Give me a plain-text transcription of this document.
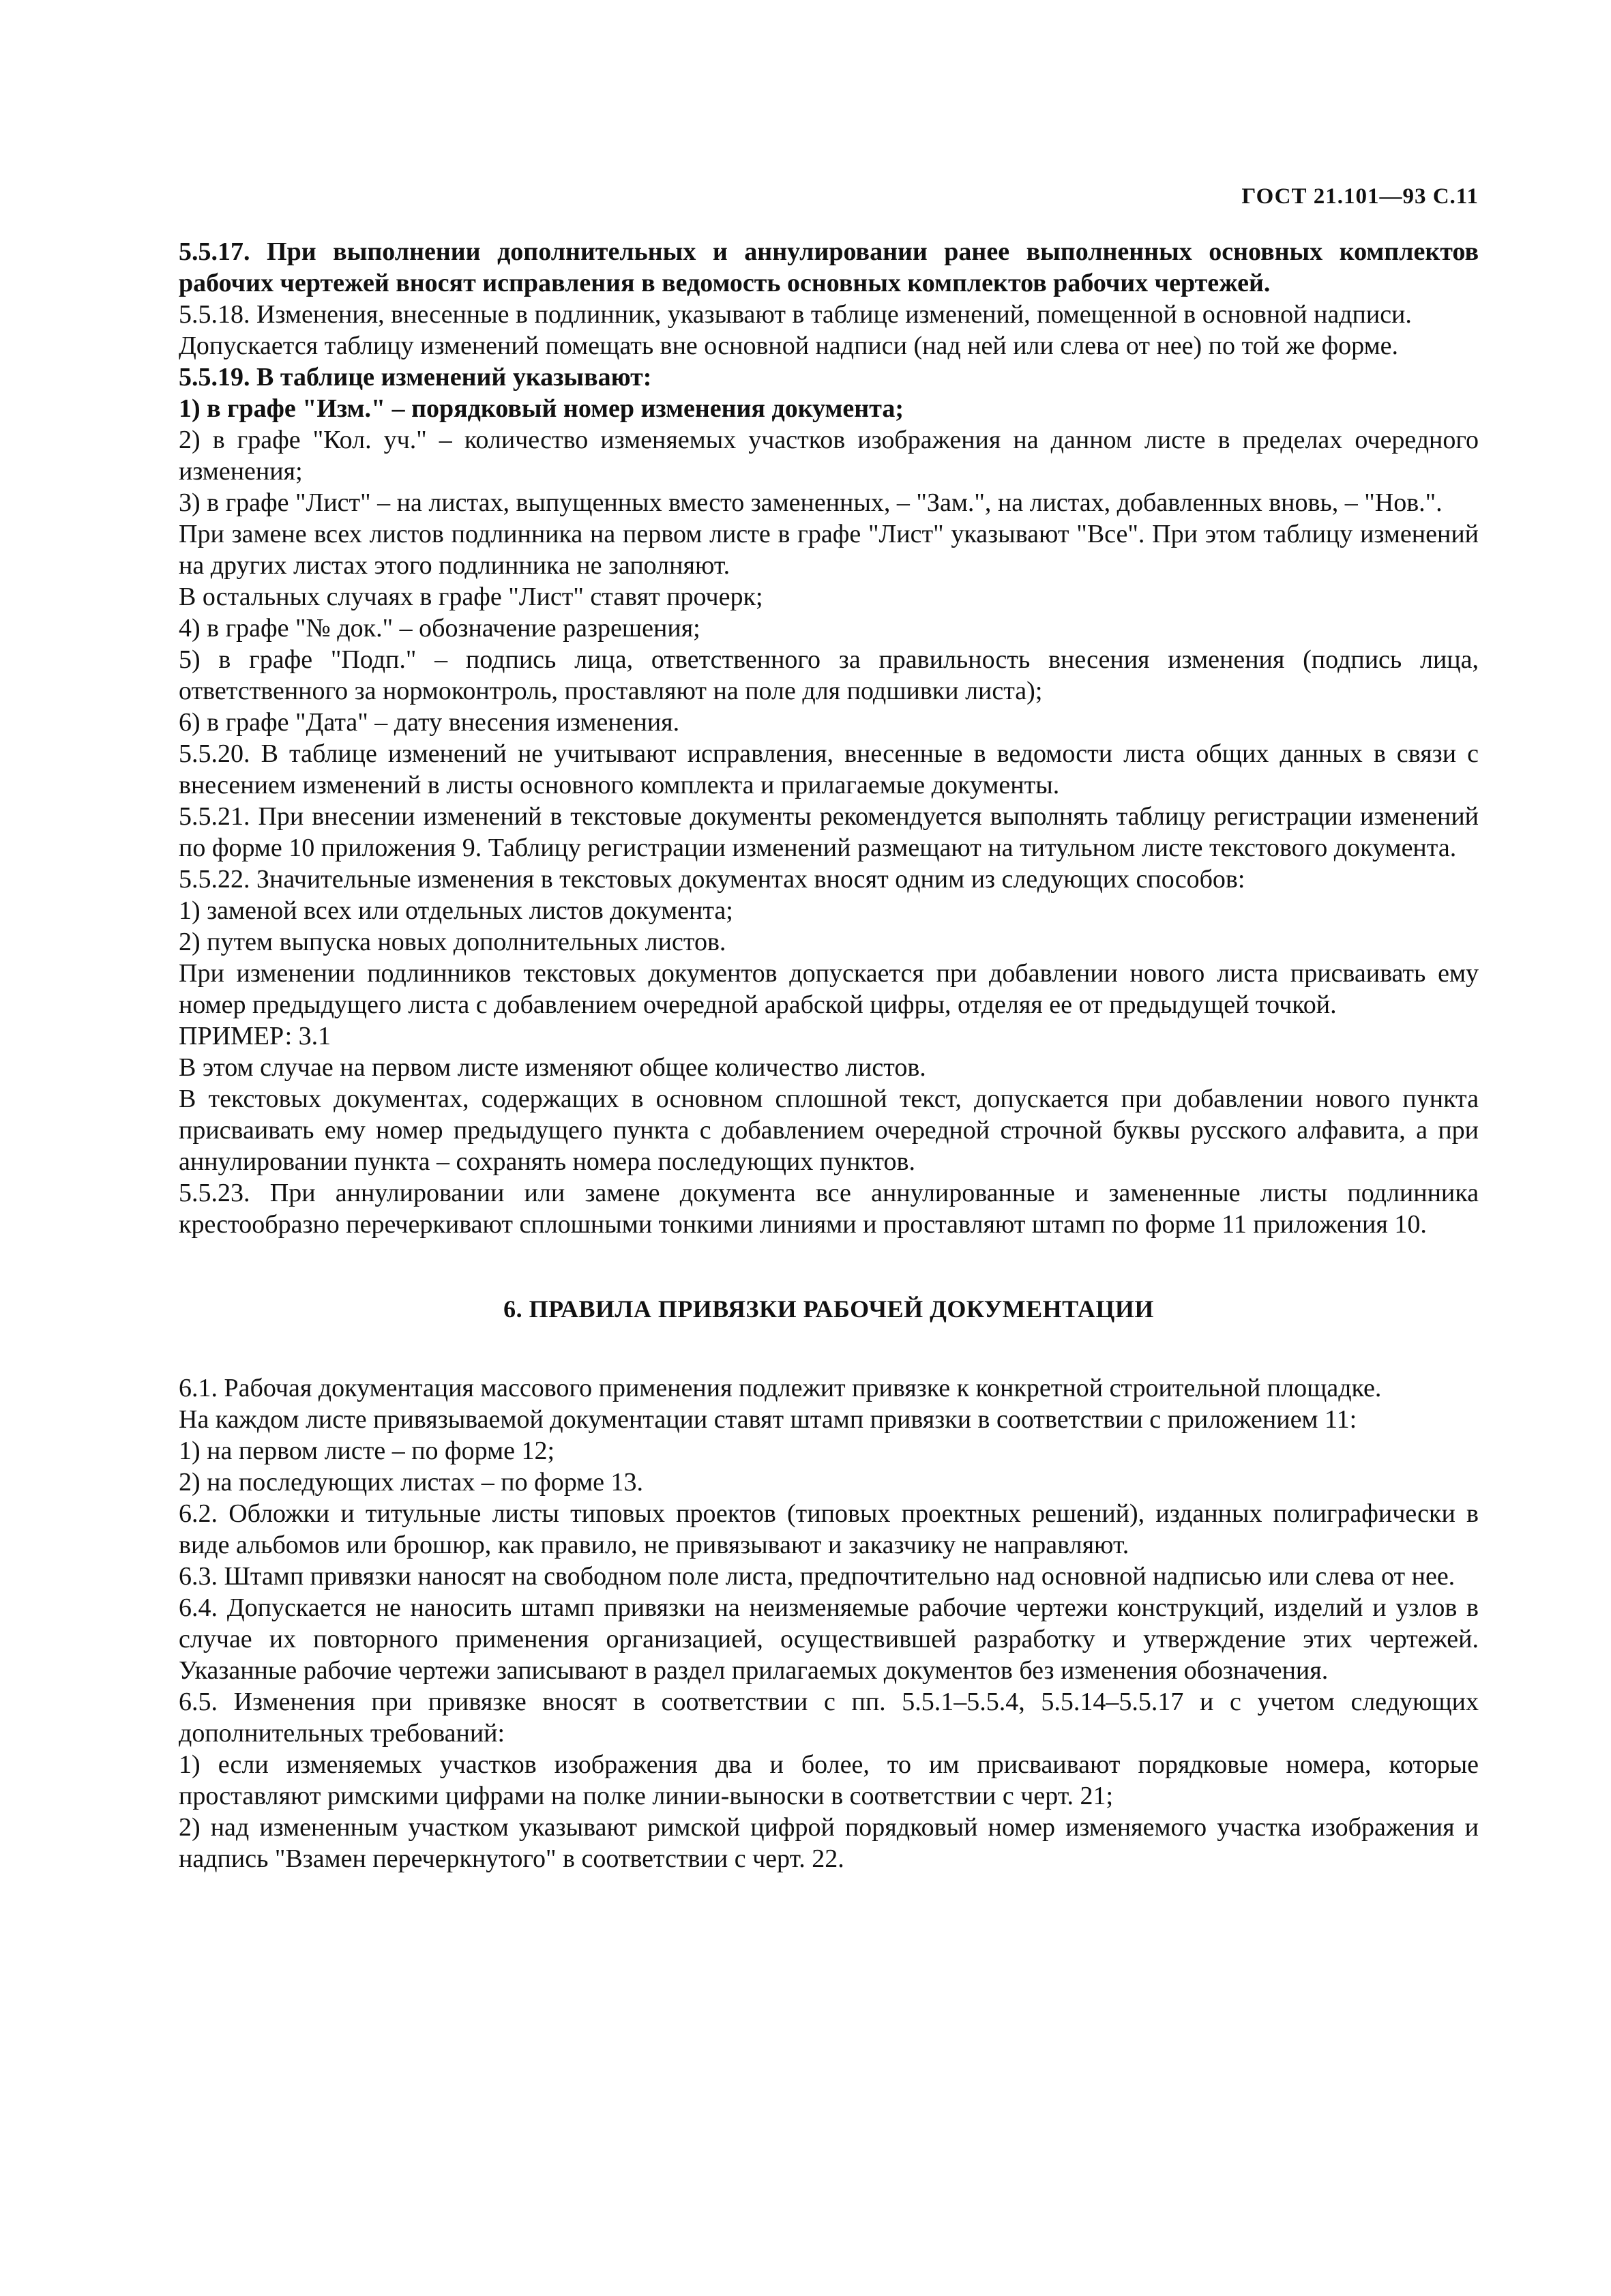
ГОСТ 21.101—93 С.11

5.5.17. При выполнении дополнительных и аннулировании ранее выполненных основных комплектов рабочих чертежей вносят исправления в ведомость основных комплектов рабочих чертежей.

5.5.18. Изменения, внесенные в подлинник, указывают в таблице изменений, помещенной в основной надписи.

Допускается таблицу изменений помещать вне основной надписи (над ней или слева от нее) по той же форме.

5.5.19. В таблице изменений указывают:

1) в графе "Изм." – порядковый номер изменения документа;

2) в графе "Кол. уч." – количество изменяемых участков изображения на данном листе в пределах очередного изменения;

3) в графе "Лист" – на листах, выпущенных вместо замененных, – "Зам.", на листах, добавленных вновь, – "Нов.".

При замене всех листов подлинника на первом листе в графе "Лист" указывают "Все". При этом таблицу изменений на других листах этого подлинника не заполняют.

В остальных случаях в графе "Лист" ставят прочерк;

4) в графе "№ док." – обозначение разрешения;

5) в графе "Подп." – подпись лица, ответственного за правильность внесения изменения (подпись лица, ответственного за нормоконтроль, проставляют на поле для подшивки листа);

6) в графе "Дата" – дату внесения изменения.

5.5.20. В таблице изменений не учитывают исправления, внесенные в ведомости листа общих данных в связи с внесением изменений в листы основного комплекта и прилагаемые документы.

5.5.21. При внесении изменений в текстовые документы рекомендуется выполнять таблицу регистрации изменений по форме 10 приложения 9. Таблицу регистрации изменений размещают на титульном листе текстового документа.

5.5.22. Значительные изменения в текстовых документах вносят одним из следующих способов:

1) заменой всех или отдельных листов документа;

2) путем выпуска новых дополнительных листов.

При изменении подлинников текстовых документов допускается при добавлении нового листа присваивать ему номер предыдущего листа с добавлением очередной арабской цифры, отделяя ее от предыдущей точкой.

ПРИМЕР: 3.1

В этом случае на первом листе изменяют общее количество листов.

В текстовых документах, содержащих в основном сплошной текст, допускается при добавлении нового пункта присваивать ему номер предыдущего пункта с добавлением очередной строчной буквы русского алфавита, а при аннулировании пункта – сохранять номера последующих пунктов.

5.5.23. При аннулировании или замене документа все аннулированные и замененные листы подлинника крестообразно перечеркивают сплошными тонкими линиями и проставляют штамп по форме 11 приложения 10.

6. ПРАВИЛА ПРИВЯЗКИ РАБОЧЕЙ ДОКУМЕНТАЦИИ

6.1. Рабочая документация массового применения подлежит привязке к конкретной строительной площадке.

На каждом листе привязываемой документации ставят штамп привязки в соответствии с приложением 11:

1) на первом листе – по форме 12;

2) на последующих листах – по форме 13.

6.2. Обложки и титульные листы типовых проектов (типовых проектных решений), изданных полиграфически в виде альбомов или брошюр, как правило, не привязывают и заказчику не направляют.

6.3. Штамп привязки наносят на свободном поле листа, предпочтительно над основной надписью или слева от нее.

6.4. Допускается не наносить штамп привязки на неизменяемые рабочие чертежи конструкций, изделий и узлов в случае их повторного применения организацией, осуществившей разработку и утверждение этих чертежей. Указанные рабочие чертежи записывают в раздел прилагаемых документов без изменения обозначения.

6.5. Изменения при привязке вносят в соответствии с пп. 5.5.1–5.5.4, 5.5.14–5.5.17 и с учетом следующих дополнительных требований:

1) если изменяемых участков изображения два и более, то им присваивают порядковые номера, которые проставляют римскими цифрами на полке линии-выноски в соответствии с черт. 21;

2) над измененным участком указывают римской цифрой порядковый номер изменяемого участка изображения и надпись "Взамен перечеркнутого" в соответствии с черт. 22.
